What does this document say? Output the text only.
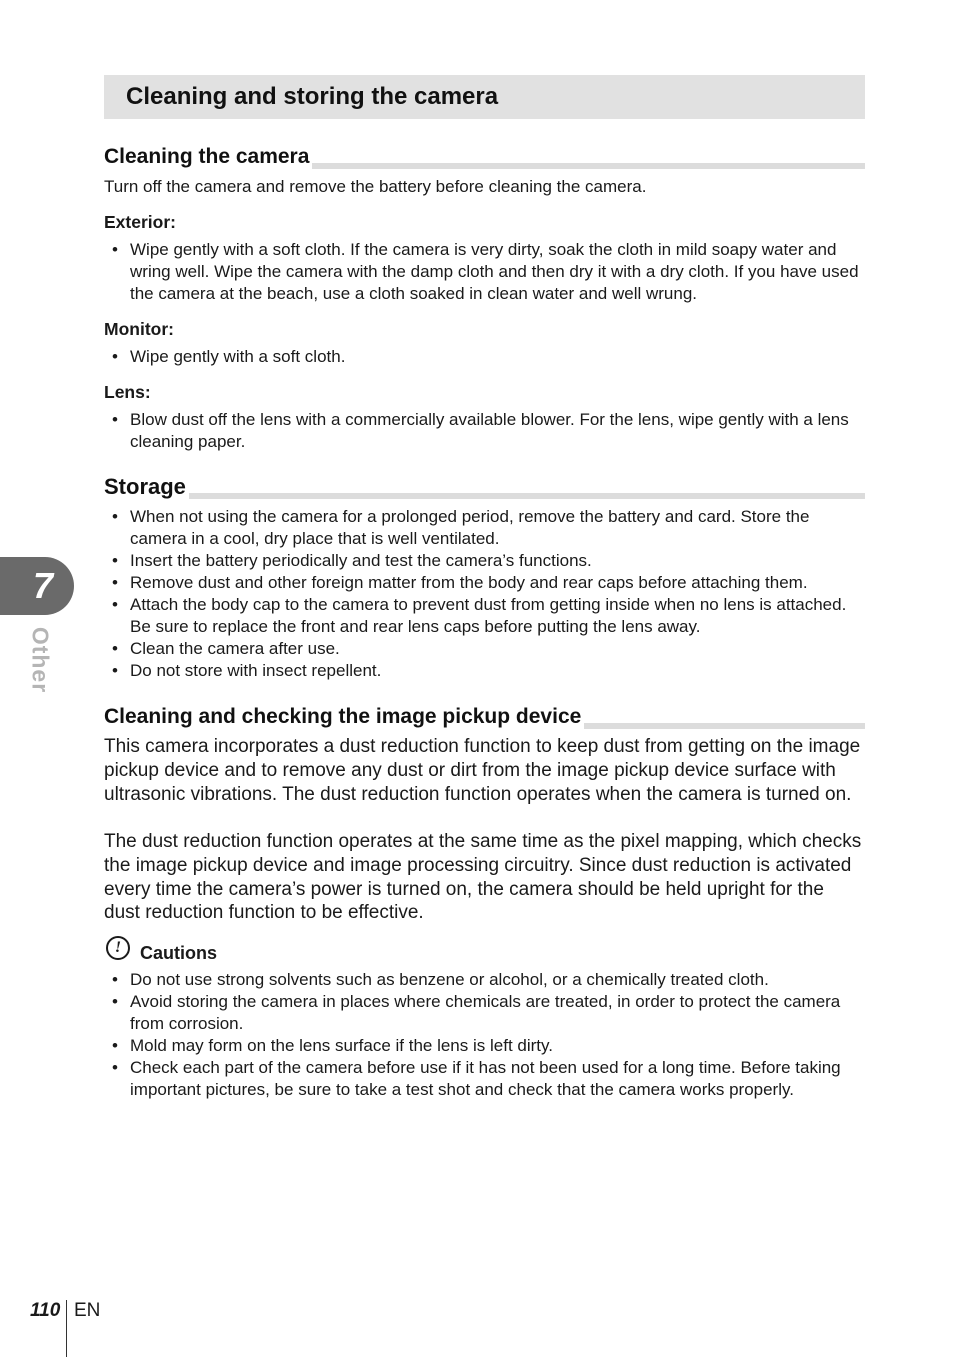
Cleaning and storing the camera
Cleaning the camera

Turn off the camera and remove the battery before cleaning the camera.

Exterior:

• Wipe gently with a soft cloth. If the camera is very dirty, soak the cloth in mild soapy water and wring well. Wipe the camera with the damp cloth and then dry it with a dry cloth. If you have used the camera at the beach, use a cloth soaked in clean water and well wrung.

Monitor:

• Wipe gently with a soft cloth.

Lens:

• Blow dust off the lens with a commercially available blower. For the lens, wipe gently with a lens cleaning paper.
Storage
• When not using the camera for a prolonged period, remove the battery and card. Store the camera in a cool, dry place that is well ventilated.
• Insert the battery periodically and test the camera’s functions.
• Remove dust and other foreign matter from the body and rear caps before attaching them.
• Attach the body cap to the camera to prevent dust from getting inside when no lens is attached. Be sure to replace the front and rear lens caps before putting the lens away.
• Clean the camera after use.
• Do not store with insect repellent.
Cleaning and checking the image pickup device

This camera incorporates a dust reduction function to keep dust from getting on the image pickup device and to remove any dust or dirt from the image pickup device surface with ultrasonic vibrations. The dust reduction function operates when the camera is turned on.

The dust reduction function operates at the same time as the pixel mapping, which checks the image pickup device and image processing circuitry. Since dust reduction is activated every time the camera’s power is turned on, the camera should be held upright for the dust reduction function to be effective.

!	Cautions
• Do not use strong solvents such as benzene or alcohol, or a chemically treated cloth.
• Avoid storing the camera in places where chemicals are treated, in order to protect the camera from corrosion.
• Mold may form on the lens surface if the lens is left dirty.
• Check each part of the camera before use if it has not been used for a long time. Before taking important pictures, be sure to take a test shot and check that the camera works properly.
7
Other
110 EN
